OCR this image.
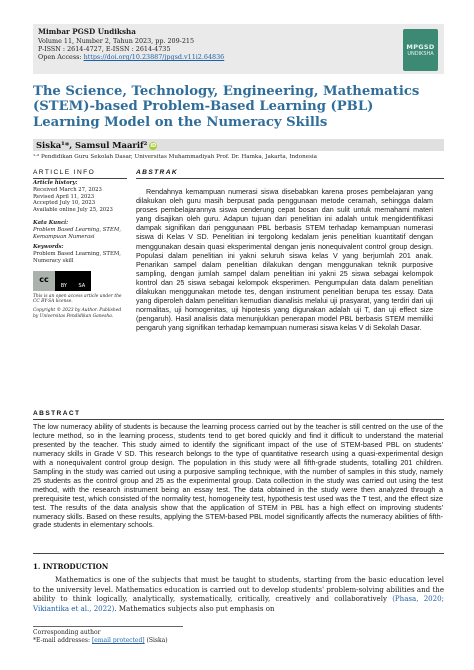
Mimbar PGSD Undiksha
Volume 11, Number 2, Tahun 2023, pp. 209-215
P-ISSN : 2614-4727, E-ISSN : 2614-4735
Open Access: https://doi.org/10.23887/jpgsd.v11i2.64836
MPGSD
UNDIKSHA
The Science, Technology, Engineering, Mathematics (STEM)-based Problem-Based Learning (PBL) Learning Model on the Numeracy Skills
Siska¹*, Samsul Maarif² iD
¹·² Pendidikan Guru Sekolah Dasar, Universitas Muhammadiyah Prof. Dr. Hamka, Jakarta, Indonesia
ARTICLE INFO	ABSTRAK
Article history:
Received March 27, 2023
Revised April 11, 2023
Accepted July 10, 2023
Available online July 25, 2023
Kata Kunci:
Problem Based Learning, STEM, Kemampuan Numerasi
Keywords:
Problem Based Learning, STEM, Numeracy skill
cc
BY SA
This is an open access article under the CC BY-SA license.
Copyright © 2023 by Author. Published by Universitas Pendidikan Ganesha.
Rendahnya kemampuan numerasi siswa disebabkan karena proses pembelajaran yang dilakukan oleh guru masih berpusat pada penggunaan metode ceramah, sehingga dalam proses pembelajarannya siswa cenderung cepat bosan dan sulit untuk memahami materi yang disajikan oleh guru. Adapun tujuan dari penelitian ini adalah untuk mengidentifikasi dampak signifikan dari penggunaan PBL berbasis STEM terhadap kemampuan numerasi siswa di Kelas V SD. Penelitian ini tergolong kedalam jenis penelitian kuantitatif dengan menggunakan desain quasi eksperimental dengan jenis nonequivalent control group design. Populasi dalam penelitian ini yakni seluruh siswa kelas V yang berjumlah 201 anak. Penarikan sampel dalam penelitian dilakukan dengan menggunakan teknik purposive sampling, dengan jumlah sampel dalam penelitian ini yakni 25 siswa sebagai kelompok kontrol dan 25 siswa sebagai kelompok eksperimen. Pengumpulan data dalam penelitian dilakukan menggunakan metode tes, dengan instrument penelitian berupa tes essay. Data yang diperoleh dalam penelitian kemudian dianalisis melalui uji prasyarat, yang terdiri dari uji normalitas, uji homogenitas, uji hipotesis yang digunakan adalah uji T, dan uji effect size (pengaruh). Hasil analisis data menunjukkan penerapan model PBL berbasis STEM memiliki pengaruh yang signifikan terhadap kemampuan numerasi siswa kelas V di Sekolah Dasar.
ABSTRACT
The low numeracy ability of students is because the learning process carried out by the teacher is still centred on the use of the lecture method, so in the learning process, students tend to get bored quickly and find it difficult to understand the material presented by the teacher. This study aimed to identify the significant impact of the use of STEM-based PBL on students' numeracy skills in Grade V SD. This research belongs to the type of quantitative research using a quasi-experimental design with a nonequivalent control group design. The population in this study were all fifth-grade students, totalling 201 children. Sampling in the study was carried out using a purposive sampling technique, with the number of samples in this study, namely 25 students as the control group and 25 as the experimental group. Data collection in the study was carried out using the test method, with the research instrument being an essay test. The data obtained in the study were then analyzed through a prerequisite test, which consisted of the normality test, homogeneity test, hypothesis test used was the T test, and the effect size test. The results of the data analysis show that the application of STEM in PBL has a high effect on improving students' numeracy skills. Based on these results, applying the STEM-based PBL model significantly affects the numeracy abilities of fifth-grade students in elementary schools.
1. INTRODUCTION
Mathematics is one of the subjects that must be taught to students, starting from the basic education level to the university level. Mathematics education is carried out to develop students' problem-solving abilities and the ability to think logically, analytically, systematically, critically, creatively and collaboratively (Phasa, 2020; Vikiantika et al., 2022). Mathematics subjects also put emphasis on
Corresponding author
*E-mail addresses: [email protected] (Siska)
